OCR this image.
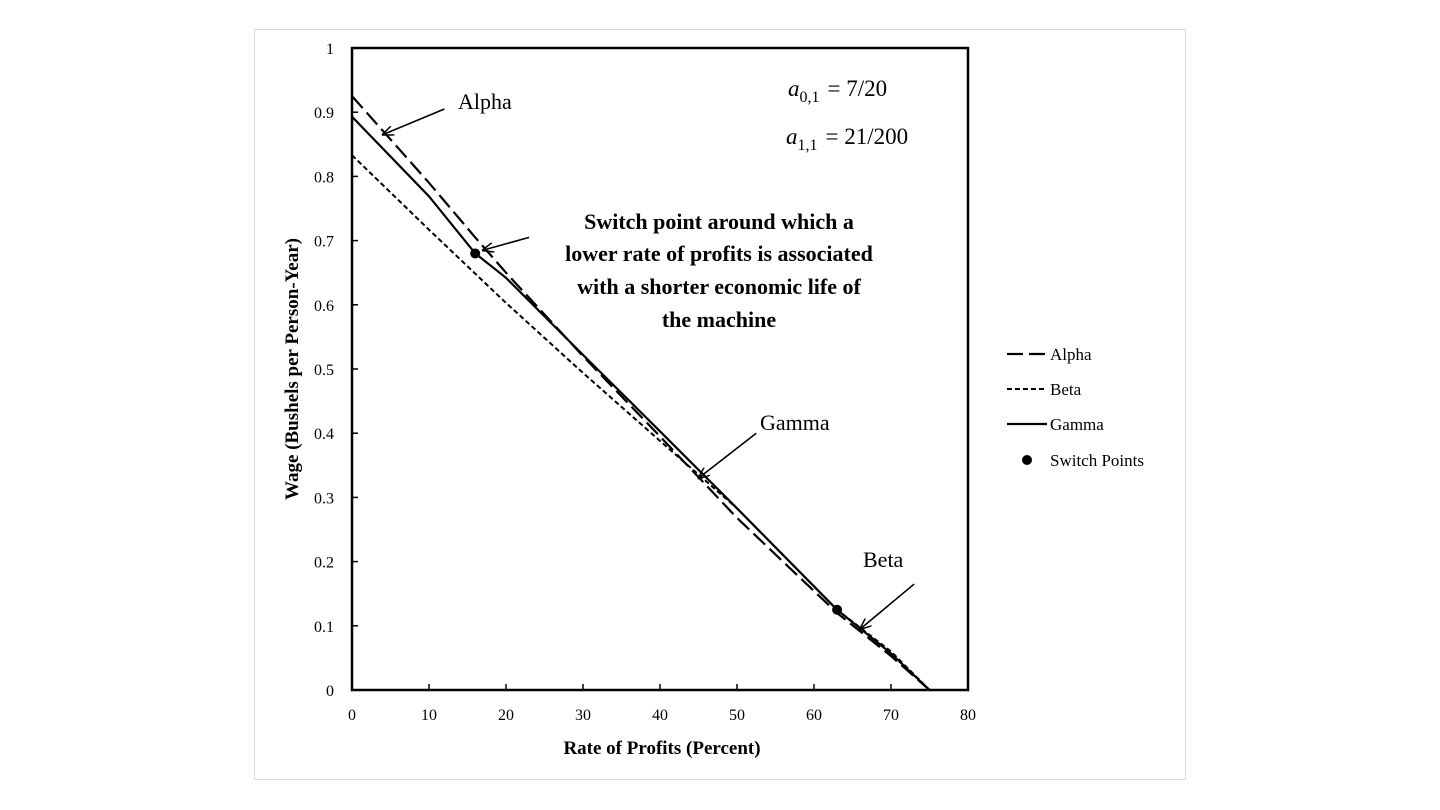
0	10	20	30	40	50	60	70	80
0
0.1
0.2
0.3
0.4
0.5
0.6
0.7
0.8
0.9
1
Rate of Profits (Percent)
Wage (Bushels per Person-Year)
Alpha
Gamma
Beta
Switch point around which a
lower rate of profits is associated
with a shorter economic life of
the machine
$a_{0,1} = 7/20$
$a_{1,1} = 21/200$
Alpha
Beta
Gamma
Switch Points
